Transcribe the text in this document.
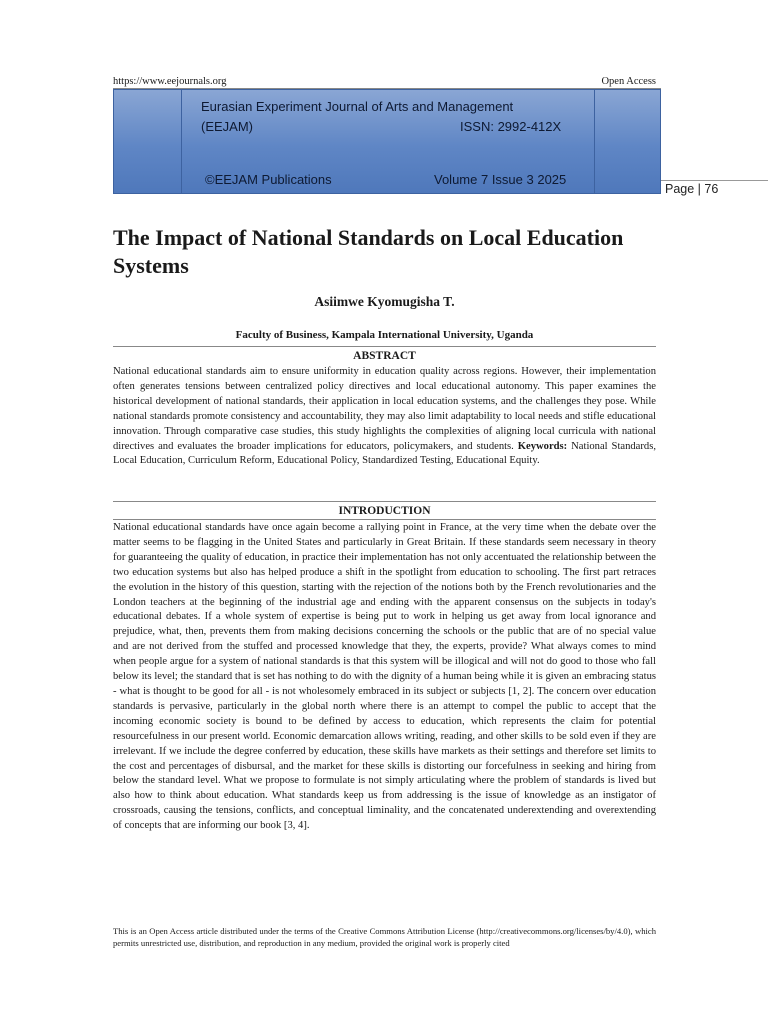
https://www.eejournals.org	Open Access
Eurasian Experiment Journal of Arts and Management
(EEJAM)	ISSN: 2992-412X
©EEJAM Publications	Volume 7 Issue 3 2025
Page | 76
The Impact of National Standards on Local Education Systems
Asiimwe Kyomugisha T.
Faculty of Business, Kampala International University, Uganda
ABSTRACT
National educational standards aim to ensure uniformity in education quality across regions. However, their implementation often generates tensions between centralized policy directives and local educational autonomy. This paper examines the historical development of national standards, their application in local education systems, and the challenges they pose. While national standards promote consistency and accountability, they may also limit adaptability to local needs and stifle educational innovation. Through comparative case studies, this study highlights the complexities of aligning local curricula with national directives and evaluates the broader implications for educators, policymakers, and students. Keywords: National Standards, Local Education, Curriculum Reform, Educational Policy, Standardized Testing, Educational Equity.
INTRODUCTION
National educational standards have once again become a rallying point in France, at the very time when the debate over the matter seems to be flagging in the United States and particularly in Great Britain. If these standards seem necessary in theory for guaranteeing the quality of education, in practice their implementation has not only accentuated the relationship between the two education systems but also has helped produce a shift in the spotlight from education to schooling. The first part retraces the evolution in the history of this question, starting with the rejection of the notions both by the French revolutionaries and the London teachers at the beginning of the industrial age and ending with the apparent consensus on the subjects in today's educational debates. If a whole system of expertise is being put to work in helping us get away from local ignorance and prejudice, what, then, prevents them from making decisions concerning the schools or the public that are of no special value and are not derived from the stuffed and processed knowledge that they, the experts, provide? What always comes to mind when people argue for a system of national standards is that this system will be illogical and will not do good to those who fall below its level; the standard that is set has nothing to do with the dignity of a human being while it is given an embracing status - what is thought to be good for all - is not wholesomely embraced in its subject or subjects [1, 2]. The concern over education standards is pervasive, particularly in the global north where there is an attempt to compel the public to accept that the incoming economic society is bound to be defined by access to education, which represents the claim for potential resourcefulness in our present world. Economic demarcation allows writing, reading, and other skills to be sold even if they are irrelevant. If we include the degree conferred by education, these skills have markets as their settings and therefore set limits to the cost and percentages of disbursal, and the market for these skills is distorting our forcefulness in seeking and hiring from below the standard level. What we propose to formulate is not simply articulating where the problem of standards is lived but also how to think about education. What standards keep us from addressing is the issue of knowledge as an instigator of crossroads, causing the tensions, conflicts, and conceptual liminality, and the concatenated underextending and overextending of concepts that are informing our book [3, 4].
This is an Open Access article distributed under the terms of the Creative Commons Attribution License (http://creativecommons.org/licenses/by/4.0), which permits unrestricted use, distribution, and reproduction in any medium, provided the original work is properly cited
